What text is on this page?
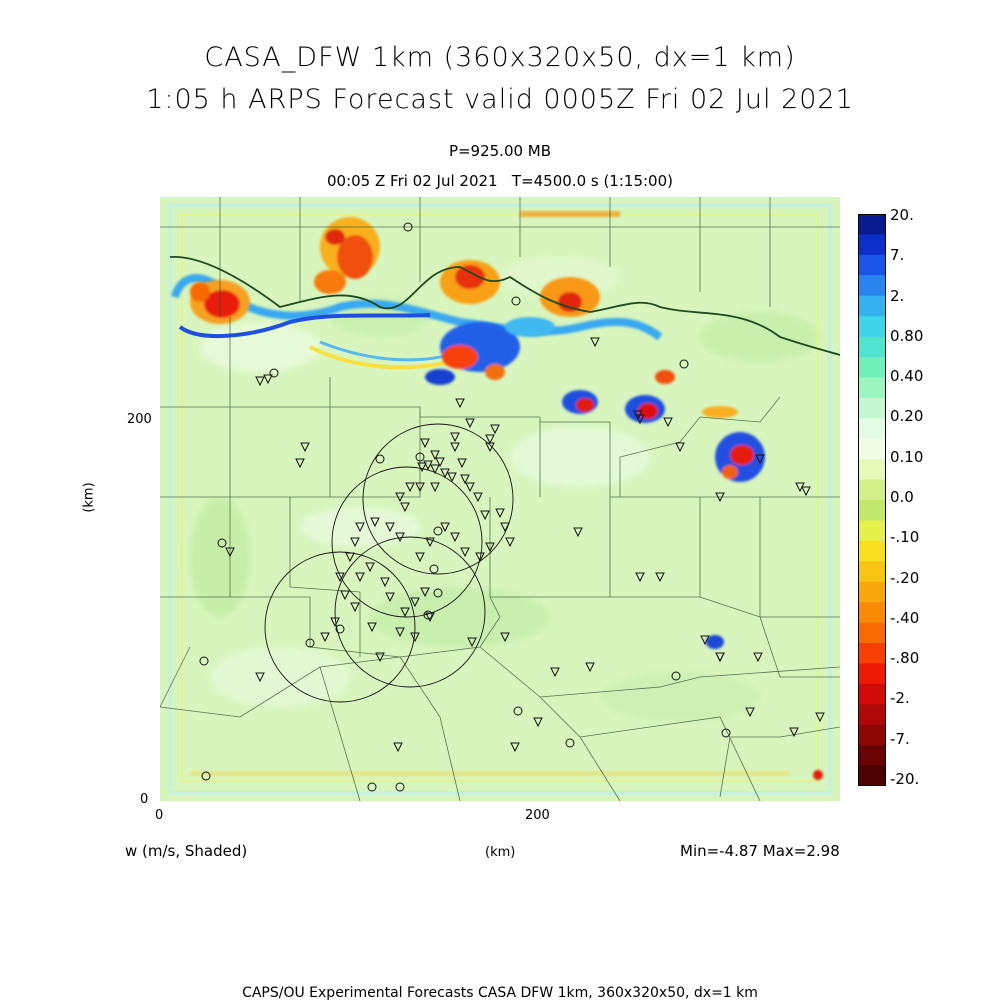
CASA_DFW 1km (360x320x50, dx=1 km)
1:05 h ARPS Forecast valid 0005Z Fri 02 Jul 2021
P=925.00 MB
00:05 Z Fri 02 Jul 2021 T=4500.0 s (1:15:00)
200
0
0	200
(km)
(km)
w (m/s, Shaded)	Min=-4.87 Max=2.98
CAPS/OU Experimental Forecasts CASA DFW 1km, 360x320x50, dx=1 km
20.
7.
2.
0.80
0.40
0.20
0.10
0.0
-.10
-.20
-.40
-.80
-2.
-7.
-20.
